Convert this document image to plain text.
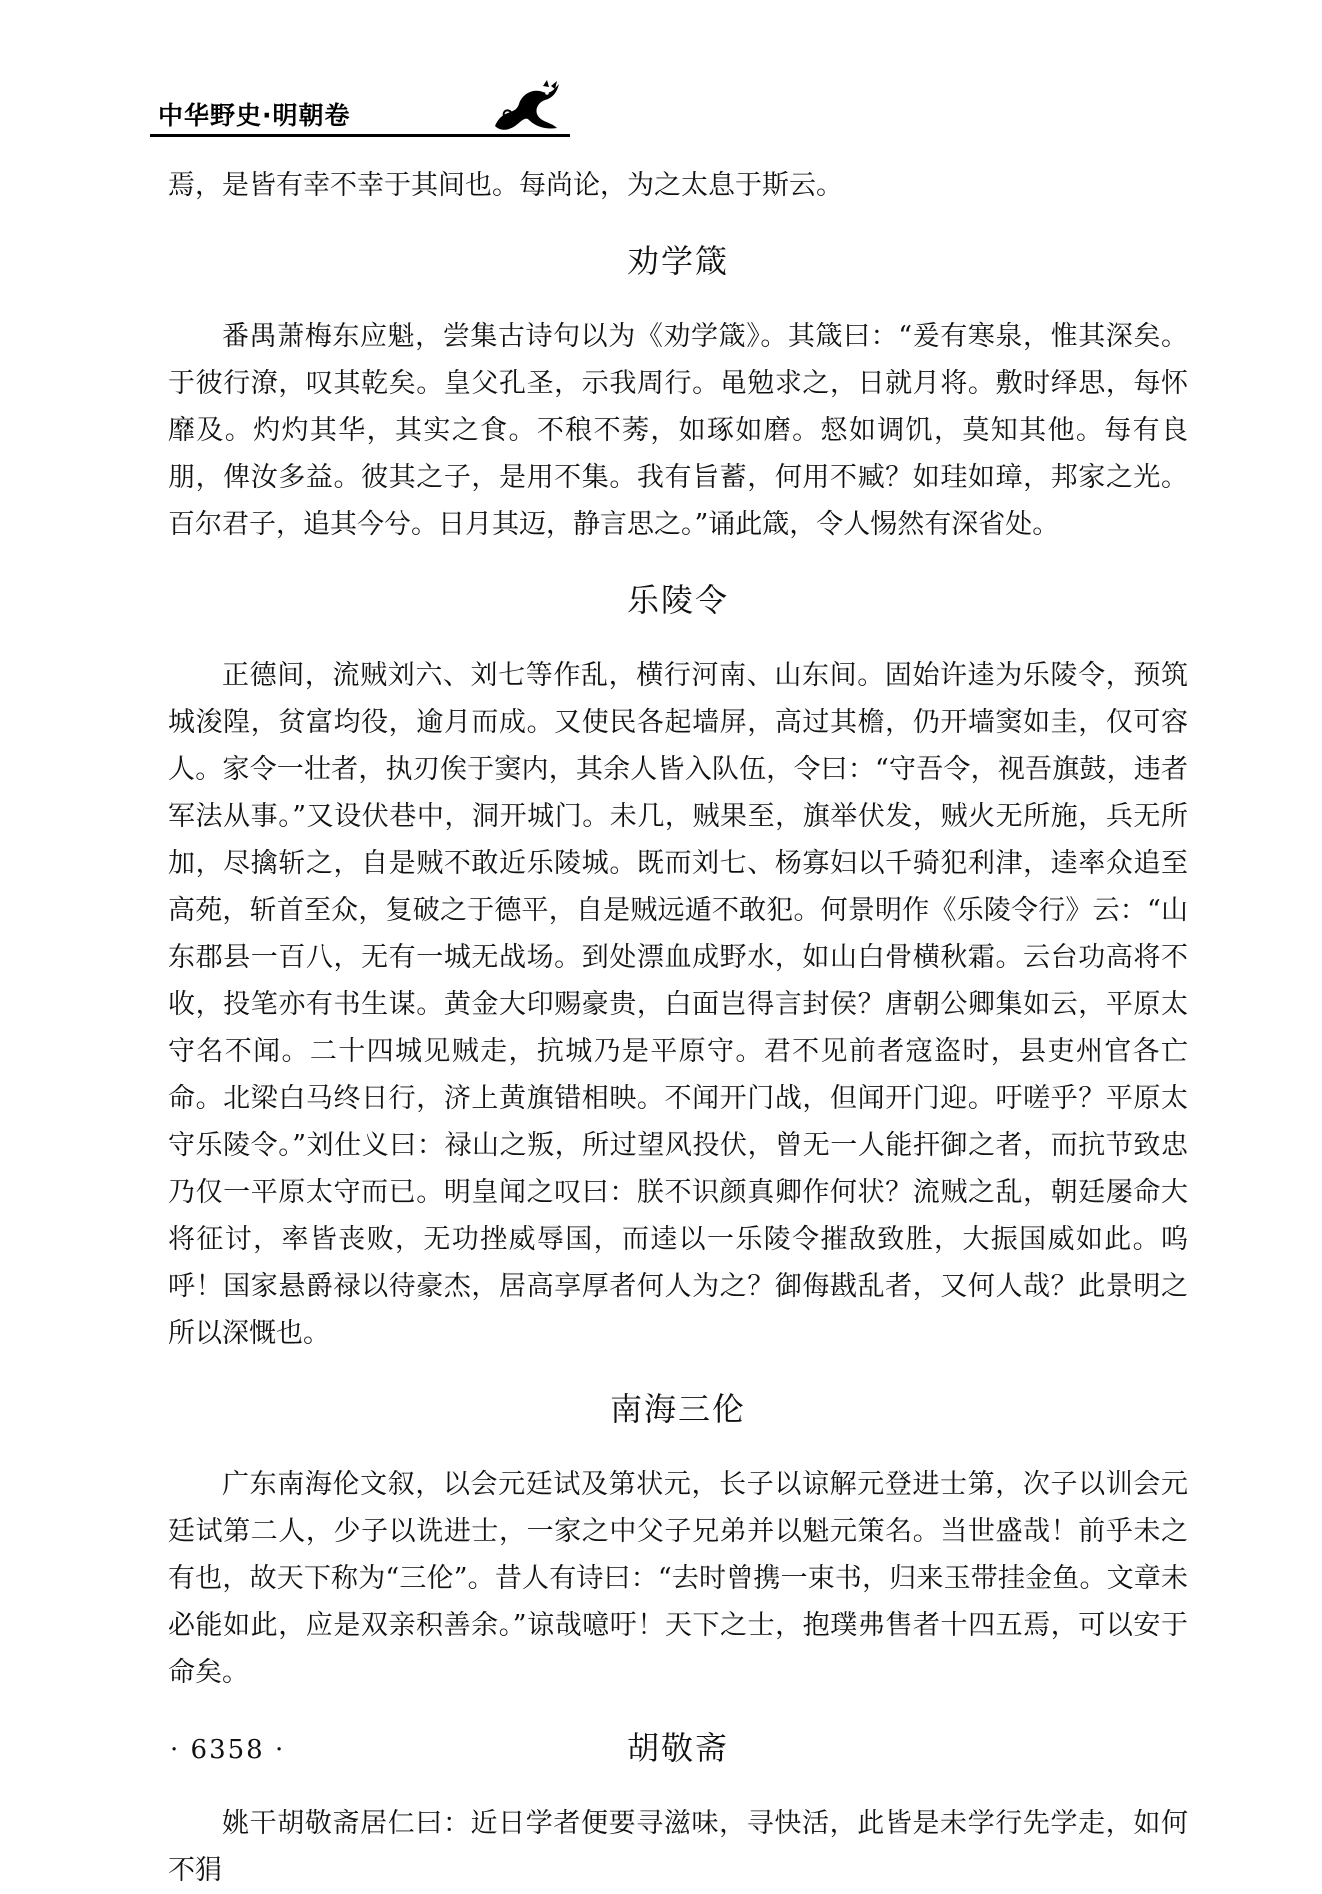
中华野史·明朝卷

焉，是皆有幸不幸于其间也。每尚论，为之太息于斯云。

劝学箴

番禺萧梅东应魁，尝集古诗句以为《劝学箴》。其箴曰：“爰有寒泉，惟其深矣。于彼行潦，叹其乾矣。皇父孔圣，示我周行。黾勉求之，日就月将。敷时绎思，每怀靡及。灼灼其华，其实之食。不稂不莠，如琢如磨。惄如调饥，莫知其他。每有良朋，俾汝多益。彼其之子，是用不集。我有旨蓄，何用不臧？如珪如璋，邦家之光。百尔君子，追其今兮。日月其迈，静言思之。”诵此箴，令人惕然有深省处。

乐陵令

正德间，流贼刘六、刘七等作乱，横行河南、山东间。固始许逵为乐陵令，预筑城浚隍，贫富均役，逾月而成。又使民各起墙屏，高过其檐，仍开墙窦如圭，仅可容人。家令一壮者，执刃俟于窦内，其余人皆入队伍，令曰：“守吾令，视吾旗鼓，违者军法从事。”又设伏巷中，洞开城门。未几，贼果至，旗举伏发，贼火无所施，兵无所加，尽擒斩之，自是贼不敢近乐陵城。既而刘七、杨寡妇以千骑犯利津，逵率众追至高苑，斩首至众，复破之于德平，自是贼远遁不敢犯。何景明作《乐陵令行》云：“山东郡县一百八，无有一城无战场。到处漂血成野水，如山白骨横秋霜。云台功高将不收，投笔亦有书生谋。黄金大印赐豪贵，白面岂得言封侯？唐朝公卿集如云，平原太守名不闻。二十四城见贼走，抗城乃是平原守。君不见前者寇盗时，县吏州官各亡命。北梁白马终日行，济上黄旗错相映。不闻开门战，但闻开门迎。吁嗟乎？平原太守乐陵令。”刘仕义曰：禄山之叛，所过望风投伏，曾无一人能扞御之者，而抗节致忠乃仅一平原太守而已。明皇闻之叹曰：朕不识颜真卿作何状？流贼之乱，朝廷屡命大将征讨，率皆丧败，无功挫威辱国，而逵以一乐陵令摧敌致胜，大振国威如此。呜呼！国家悬爵禄以待豪杰，居高享厚者何人为之？御侮戡乱者，又何人哉？此景明之所以深慨也。

南海三伦

广东南海伦文叙，以会元廷试及第状元，长子以谅解元登进士第，次子以训会元廷试第二人，少子以诜进士，一家之中父子兄弟并以魁元策名。当世盛哉！前乎未之有也，故天下称为“三伦”。昔人有诗曰：“去时曾携一束书，归来玉带挂金鱼。文章未必能如此，应是双亲积善余。”谅哉噫吁！天下之士，抱璞弗售者十四五焉，可以安于命矣。

胡敬斋

姚干胡敬斋居仁曰：近日学者便要寻滋味，寻快活，此皆是未学行先学走，如何不狷

· 6358 ·
